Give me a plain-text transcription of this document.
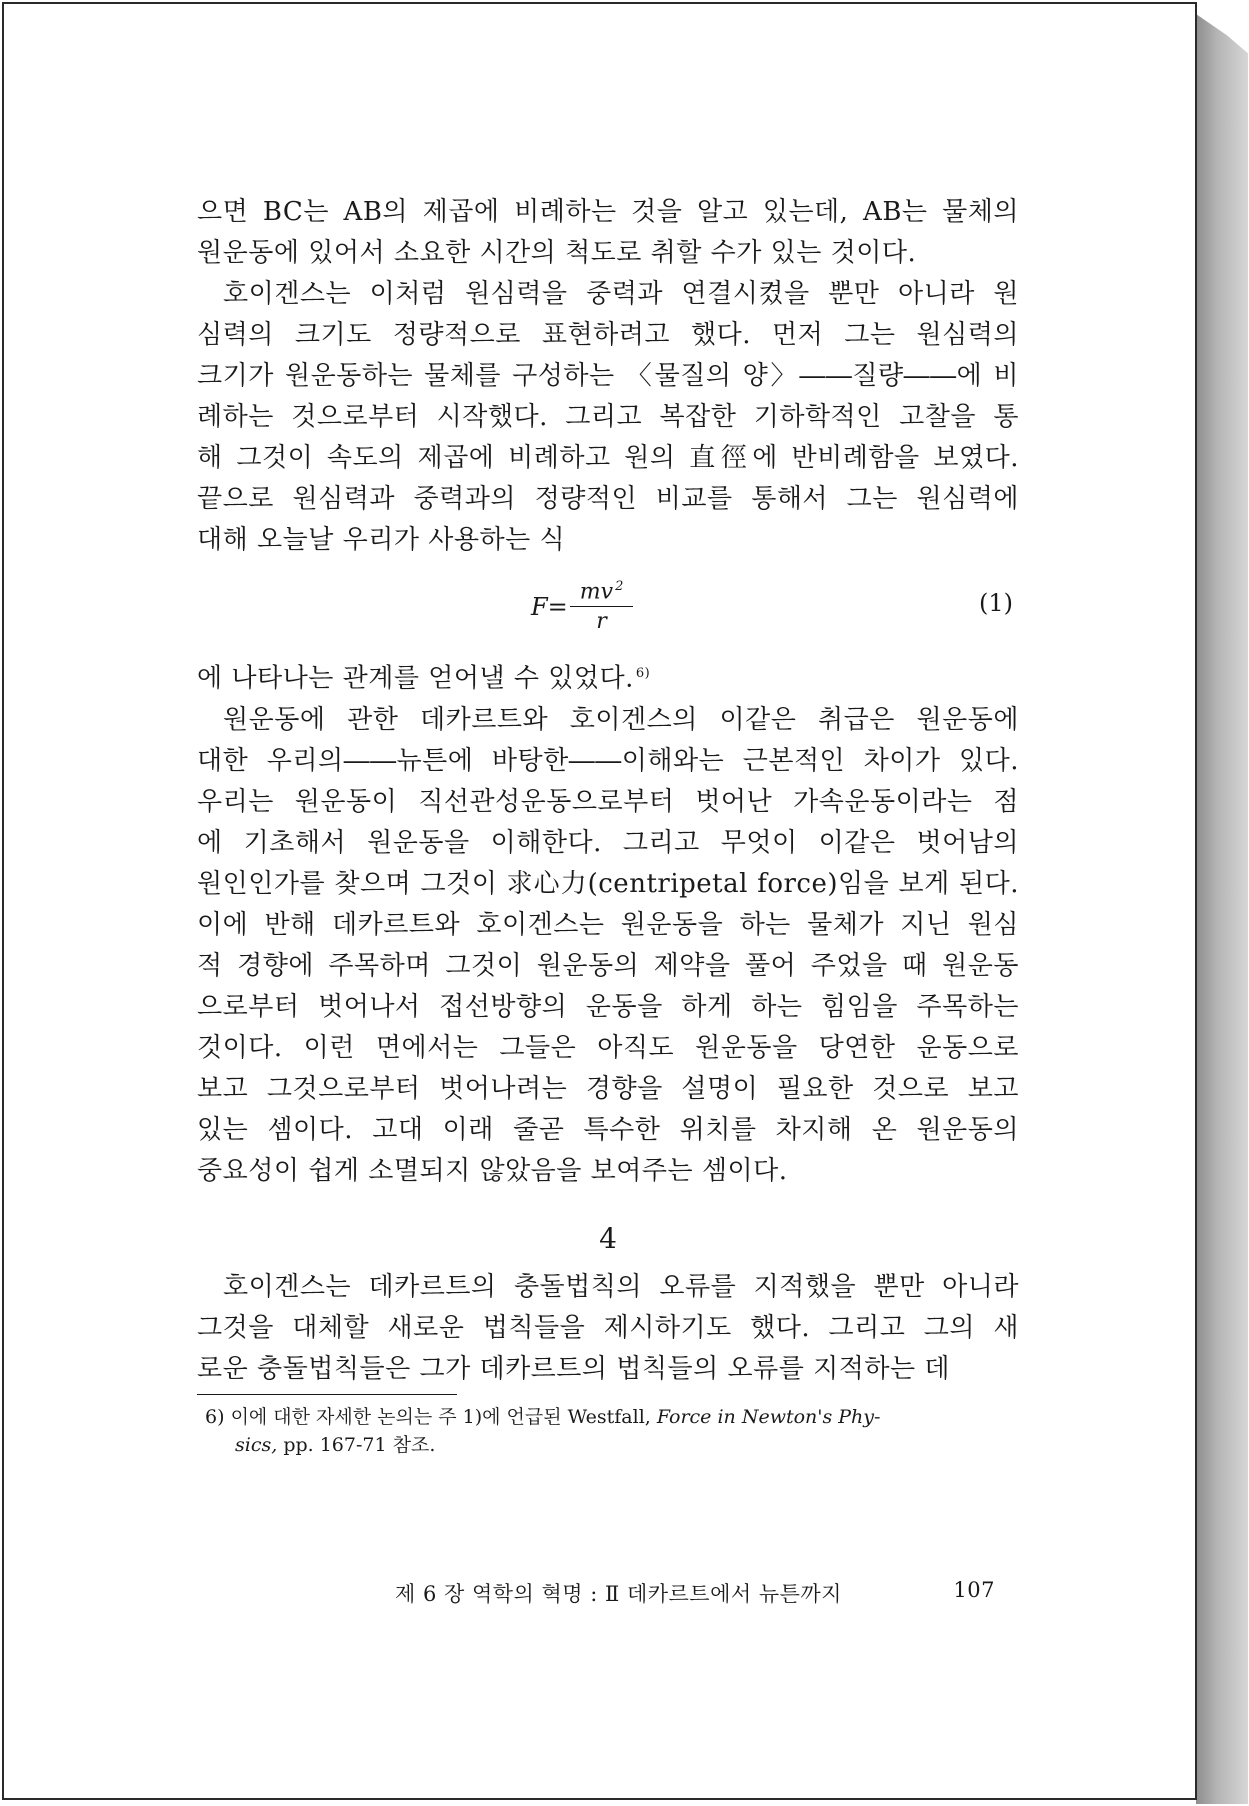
으면 BC는 AB의 제곱에 비례하는 것을 알고 있는데, AB는 물체의

원운동에 있어서 소요한 시간의 척도로 취할 수가 있는 것이다.

호이겐스는 이처럼 원심력을 중력과 연결시켰을 뿐만 아니라 원

심력의 크기도 정량적으로 표현하려고 했다. 먼저 그는 원심력의

크기가 원운동하는 물체를 구성하는 〈물질의 양〉――질량――에 비

례하는 것으로부터 시작했다. 그리고 복잡한 기하학적인 고찰을 통

해 그것이 속도의 제곱에 비례하고 원의 直徑에 반비례함을 보였다.

끝으로 원심력과 중력과의 정량적인 비교를 통해서 그는 원심력에

대해 오늘날 우리가 사용하는 식

$F= \frac{mv ^2}{r}$	(1)

에 나타나는 관계를 얻어낼 수 있었다. $^{6)}$

원운동에 관한 데카르트와 호이겐스의 이같은 취급은 원운동에

대한 우리의――뉴튼에 바탕한――이해와는 근본적인 차이가 있다.

우리는 원운동이 직선관성운동으로부터 벗어난 가속운동이라는 점

에 기초해서 원운동을 이해한다. 그리고 무엇이 이같은 벗어남의

원인인가를 찾으며 그것이 求心力(centripetal force)임을 보게 된다.

이에 반해 데카르트와 호이겐스는 원운동을 하는 물체가 지닌 원심

적 경향에 주목하며 그것이 원운동의 제약을 풀어 주었을 때 원운동

으로부터 벗어나서 접선방향의 운동을 하게 하는 힘임을 주목하는

것이다. 이런 면에서는 그들은 아직도 원운동을 당연한 운동으로

보고 그것으로부터 벗어나려는 경향을 설명이 필요한 것으로 보고

있는 셈이다. 고대 이래 줄곧 특수한 위치를 차지해 온 원운동의

중요성이 쉽게 소멸되지 않았음을 보여주는 셈이다.

4

호이겐스는 데카르트의 충돌법칙의 오류를 지적했을 뿐만 아니라

그것을 대체할 새로운 법칙들을 제시하기도 했다. 그리고 그의 새

로운 충돌법칙들은 그가 데카르트의 법칙들의 오류를 지적하는 데

6) 이에 대한 자세한 논의는 주 1)에 언급된 Westfall, Force in Newton's Phy-
sics, pp. 167-71 참조.

제 6 장 역학의 혁명 : Ⅱ 데카르트에서 뉴튼까지	107
